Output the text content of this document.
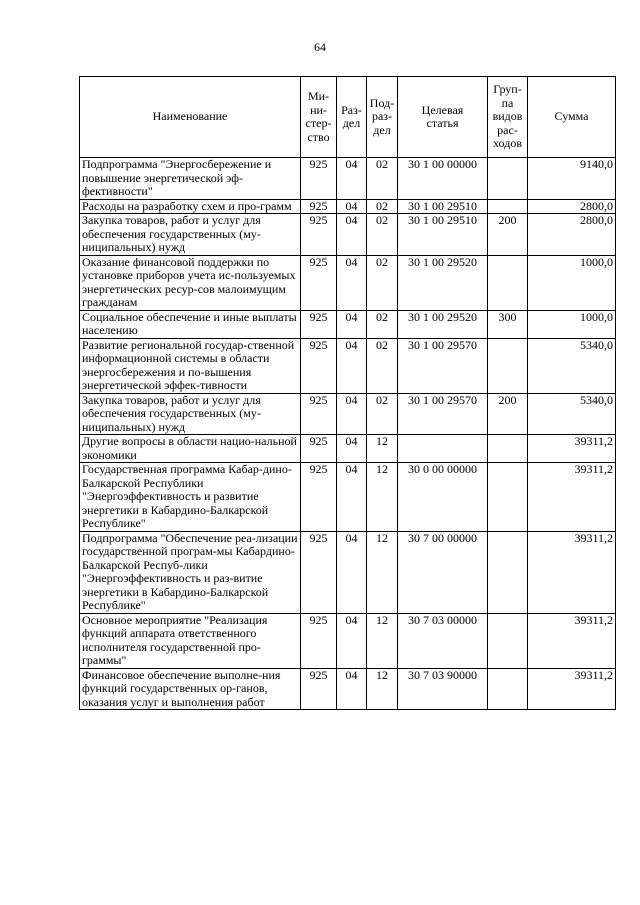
64
Наименование	Ми-
ни-
стер-
ство	Раз-
дел	Под-
раз-
дел	Целевая
статья	Груп-
па
видов
рас-
ходов	Сумма
Подпрограмма "Энергосбережение и повышение энергетической эф-фективности"	925	04	02	30 1 00 00000		9140,0
Расходы на разработку схем и про-грамм	925	04	02	30 1 00 29510		2800,0
Закупка товаров, работ и услуг для обеспечения государственных (му-ниципальных) нужд	925	04	02	30 1 00 29510	200	2800,0
Оказание финансовой поддержки по установке приборов учета ис-пользуемых энергетических ресур-сов малоимущим гражданам	925	04	02	30 1 00 29520		1000,0
Социальное обеспечение и иные выплаты населению	925	04	02	30 1 00 29520	300	1000,0
Развитие региональной государ-ственной информационной системы в области энергосбережения и по-вышения энергетической эффек-тивности	925	04	02	30 1 00 29570		5340,0
Закупка товаров, работ и услуг для обеспечения государственных (му-ниципальных) нужд	925	04	02	30 1 00 29570	200	5340,0
Другие вопросы в области нацио-нальной экономики	925	04	12			39311,2
Государственная программа Кабар-дино-Балкарской Республики "Энергоэффективность и развитие энергетики в Кабардино-Балкарской Республике"	925	04	12	30 0 00 00000		39311,2
Подпрограмма "Обеспечение реа-лизации государственной програм-мы Кабардино-Балкарской Респуб-лики "Энергоэффективность и раз-витие энергетики в Кабардино-Балкарской Республике"	925	04	12	30 7 00 00000		39311,2
Основное мероприятие "Реализация функций аппарата ответственного исполнителя государственной про-граммы"	925	04	12	30 7 03 00000		39311,2
Финансовое обеспечение выполне-ния функций государственных ор-ганов, оказания услуг и выполнения работ	925	04	12	30 7 03 90000		39311,2
